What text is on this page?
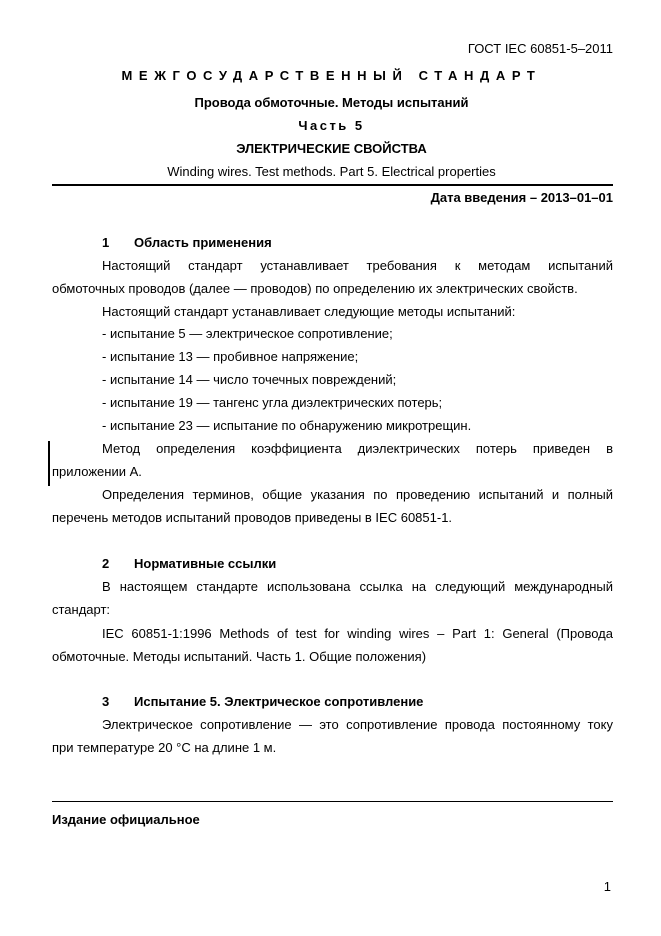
ГОСТ IEC 60851-5–2011
МЕЖГОСУДАРСТВЕННЫЙ СТАНДАРТ
Провода обмоточные. Методы испытаний
Часть 5
ЭЛЕКТРИЧЕСКИЕ СВОЙСТВА
Winding wires. Test methods. Part 5. Electrical properties
Дата введения – 2013–01–01
1 Область применения
Настоящий стандарт устанавливает требования к методам испытаний
обмоточных проводов (далее — проводов) по определению их электрических свойств.
Настоящий стандарт устанавливает следующие методы испытаний:
- испытание 5 — электрическое сопротивление;
- испытание 13 — пробивное напряжение;
- испытание 14 — число точечных повреждений;
- испытание 19 — тангенс угла диэлектрических потерь;
- испытание 23 — испытание по обнаружению микротрещин.
Метод определения коэффициента диэлектрических потерь приведен в
приложении А.
Определения терминов, общие указания по проведению испытаний и полный
перечень методов испытаний проводов приведены в IEC 60851-1.
2 Нормативные ссылки
В настоящем стандарте использована ссылка на следующий международный
стандарт:
IEC 60851-1:1996 Methods of test for winding wires – Part 1: General (Провода
обмоточные. Методы испытаний. Часть 1. Общие положения)
3 Испытание 5. Электрическое сопротивление
Электрическое сопротивление — это сопротивление провода постоянному току
при температуре 20 °C на длине 1 м.
Издание официальное
1
